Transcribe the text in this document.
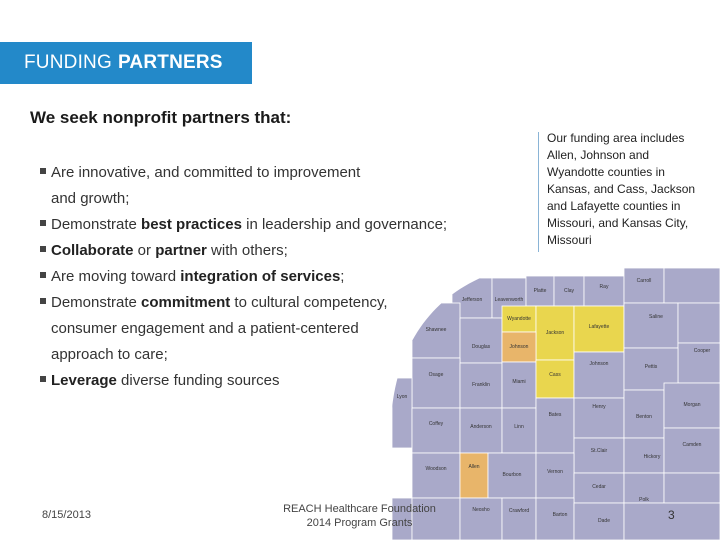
FUNDING PARTNERS
We seek nonprofit partners that:
Are innovative, and committed to improvement
and growth;
Demonstrate best practices in leadership and governance;
Collaborate or partner with others;
Are moving toward integration of services;
Demonstrate commitment to cultural competency,
consumer engagement and a patient-centered
approach to care;
Leverage diverse funding sources
Our funding area includes Allen, Johnson and Wyandotte counties in Kansas, and Cass, Jackson and Lafayette counties in Missouri, and Kansas City, Missouri
Platte	Clay
Ray
Carroll
Jefferson Leavenworth
Wyandotte
Jackson
Lafayette
Saline
Shawnee
Douglas	Johnson
Cass
Johnson	Pettis
Cooper
Osage
Franklin	Miami
Henry
Benton
Morgan
Lyon
Coffey	Anderson	Linn
Bates
St.Clair
Hickory
Camden
Woodson	Allen
Bourbon	Vernon
Cedar
Polk
Neosho	Crawford
Barton
Dade
8/15/2013	REACH Healthcare Foundation
2014 Program Grants
3
